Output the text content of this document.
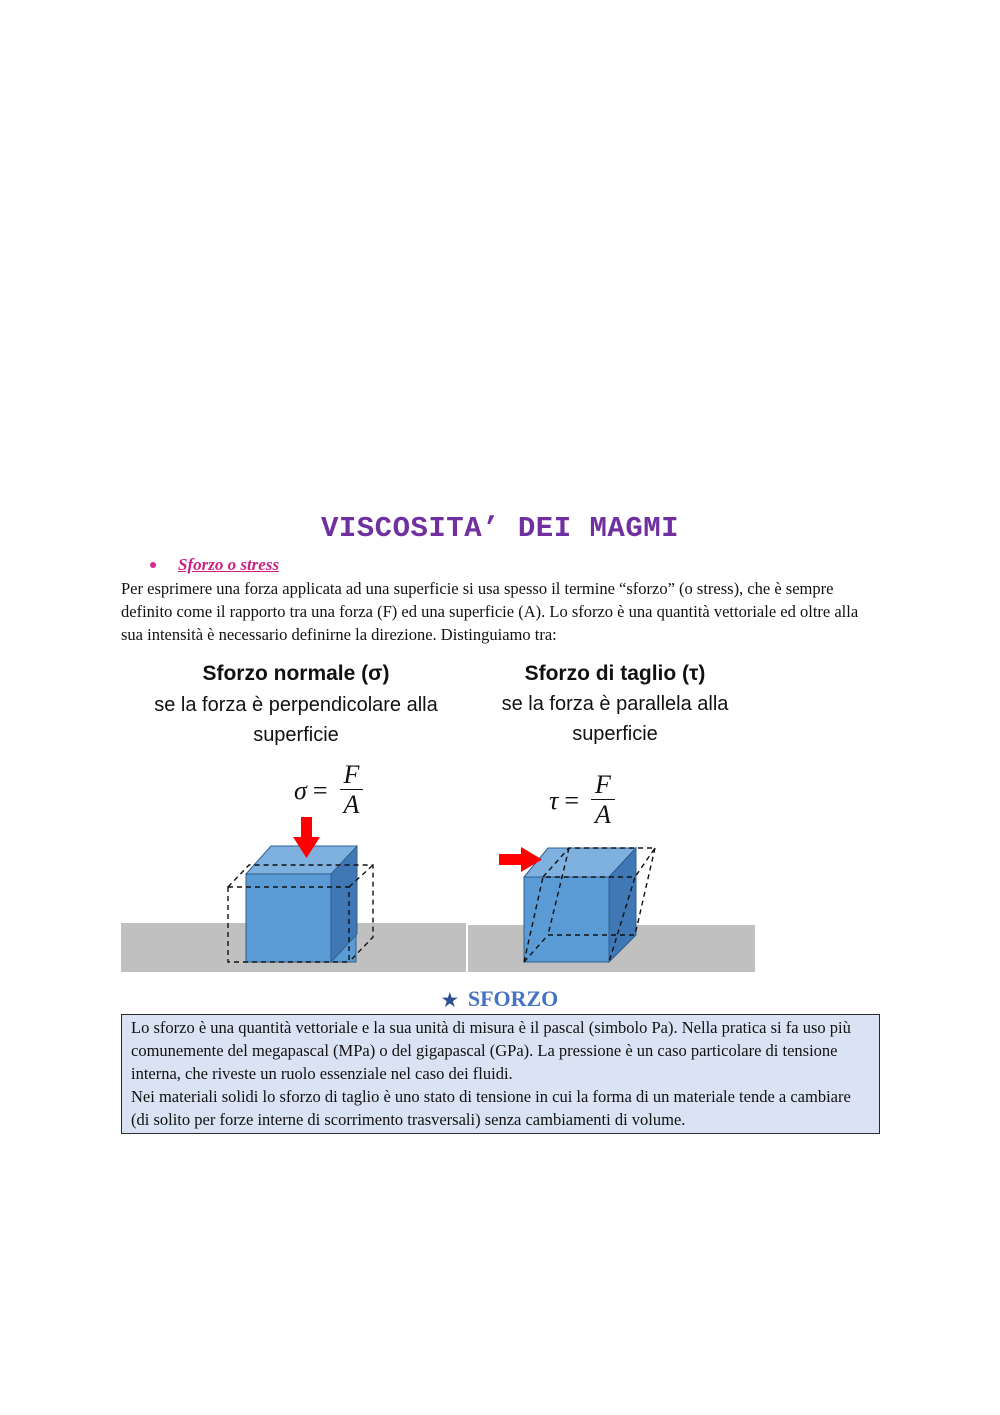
VISCOSITA’ DEI MAGMI
Sforzo o stress
Per esprimere una forza applicata ad una superficie si usa spesso il termine “sforzo” (o stress), che è sempre definito come il rapporto tra una forza (F) ed una superficie (A). Lo sforzo è una quantità vettoriale ed oltre alla sua intensità è necessario definirne la direzione. Distinguiamo tra:
Sforzo normale (σ)
se la forza è perpendicolare alla
superficie
$\sigma = \frac{F}{A}$
Sforzo di taglio (τ)
se la forza è parallela alla
superficie
$\tau = \frac{F}{A}$
★ SFORZO

Lo sforzo è una quantità vettoriale e la sua unità di misura è il pascal (simbolo Pa). Nella pratica si fa uso più comunemente del megapascal (MPa) o del gigapascal (GPa). La pressione è un caso particolare di tensione interna, che riveste un ruolo essenziale nel caso dei fluidi.

Nei materiali solidi lo sforzo di taglio è uno stato di tensione in cui la forma di un materiale tende a cambiare (di solito per forze interne di scorrimento trasversali) senza cambiamenti di volume.
